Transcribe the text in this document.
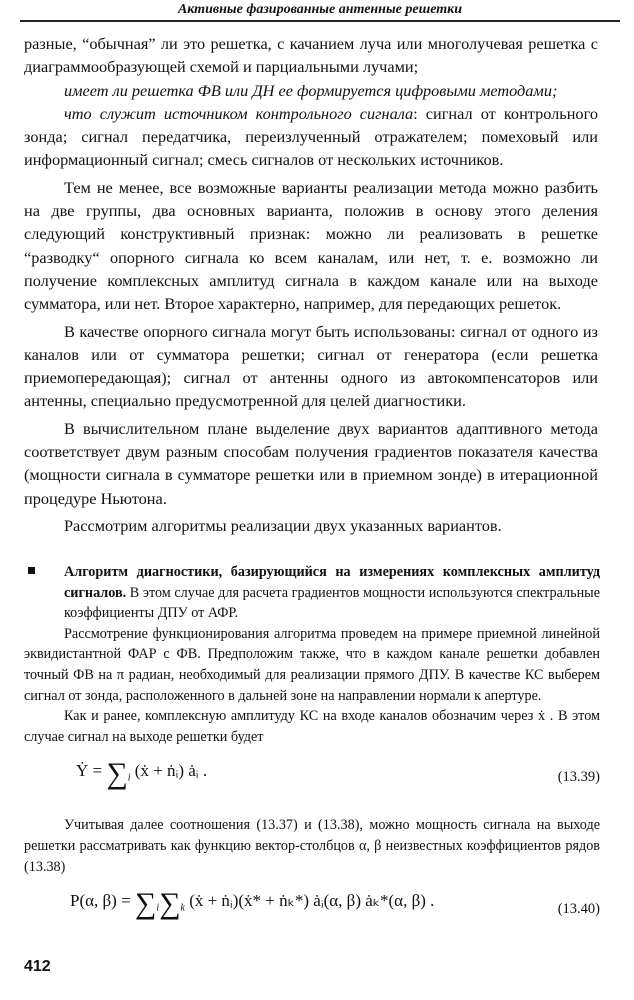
Активные фазированные антенные решетки

разные, “обычная” ли это решетка, с качанием луча или многолучевая решетка с диаграммообразующей схемой и парциальными лучами;

имеет ли решетка ФВ или ДН ее формируется цифровыми методами;

что служит источником контрольного сигнала: сигнал от контрольного зонда; сигнал передатчика, переизлученный отражателем; помеховый или информационный сигнал; смесь сигналов от нескольких источников.

Тем не менее, все возможные варианты реализации метода можно разбить на две группы, два основных варианта, положив в основу этого деления следующий конструктивный признак: можно ли реализовать в решетке “разводку“ опорного сигнала ко всем каналам, или нет, т. е. возможно ли получение комплексных амплитуд сигнала в каждом канале или на выходе сумматора, или нет. Второе характерно, например, для передающих решеток.

В качестве опорного сигнала могут быть использованы: сигнал от одного из каналов или от сумматора решетки; сигнал от генератора (если решетка приемопередающая); сигнал от антенны одного из автокомпенсаторов или антенны, специально предусмотренной для целей диагностики.

В вычислительном плане выделение двух вариантов адаптивного метода соответствует двум разным способам получения градиентов показателя качества (мощности сигнала в сумматоре решетки или в приемном зонде) в итерационной процедуре Ньютона.

Рассмотрим алгоритмы реализации двух указанных вариантов.

Алгоритм диагностики, базирующийся на измерениях комплексных амплитуд сигналов. В этом случае для расчета градиентов мощности используются спектральные коэффициенты ДПУ от АФР.

Рассмотрение функционирования алгоритма проведем на примере приемной линейной эквидистантной ФАР с ФВ. Предположим также, что в каждом канале решетки добавлен точный ФВ на π радиан, необходимый для реализации прямого ДПУ. В качестве КС выберем сигнал от зонда, расположенного в дальней зоне на направлении нормали к апертуре.

Как и ранее, комплексную амплитуду КС на входе каналов обозначим через ẋ . В этом случае сигнал на выходе решетки будет

Ẏ = $\sum_i$ (ẋ + ṅᵢ) ȧᵢ .	(13.39)

Учитывая далее соотношения (13.37) и (13.38), можно мощность сигнала на выходе решетки рассматривать как функцию вектор-столбцов α, β неизвестных коэффициентов рядов (13.38)

P(α, $\beta) = \sum_i\sum_k$ (ẋ + ṅᵢ)(ẋ* + ṅₖ*) ȧᵢ(α, β) ȧₖ*(α, β) .	(13.40)
412
